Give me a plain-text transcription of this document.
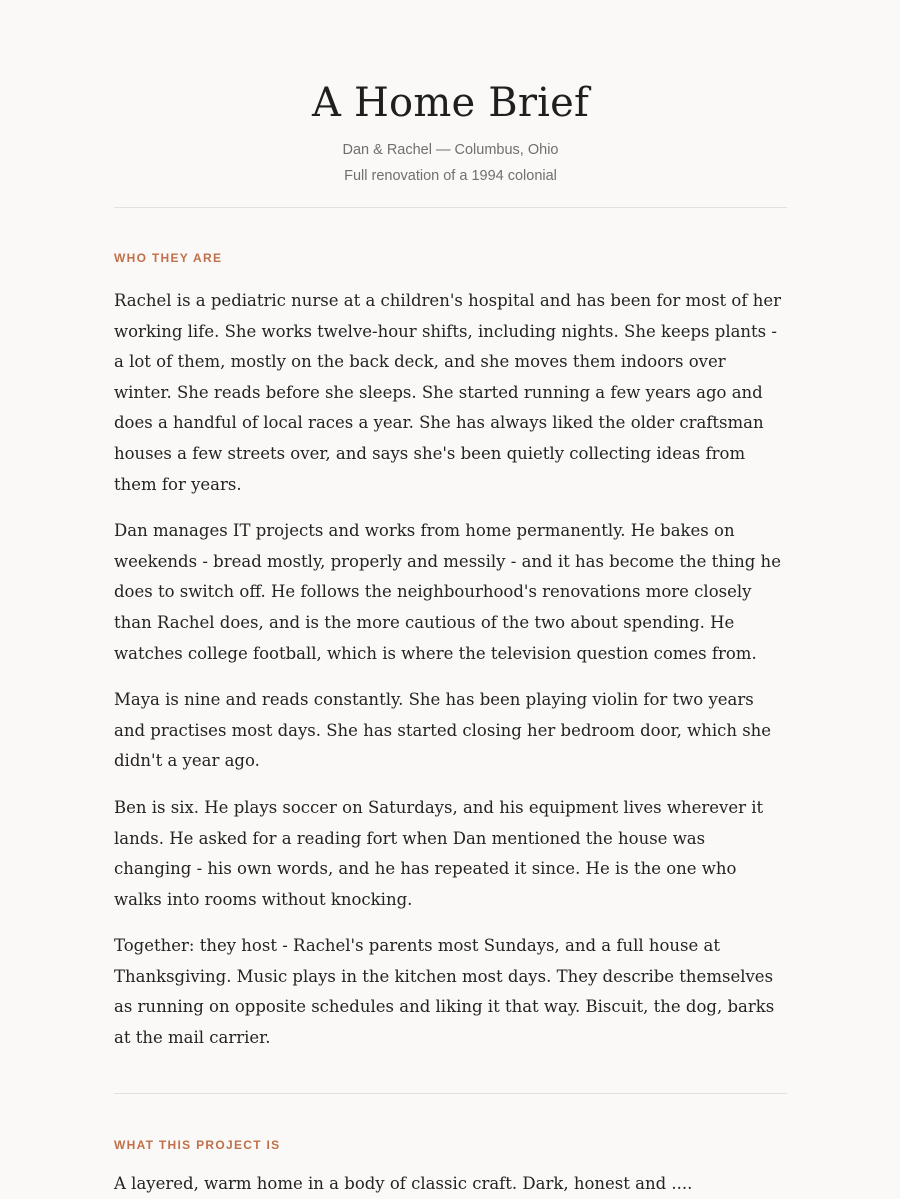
A Home Brief

Dan & Rachel — Columbus, Ohio

Full renovation of a 1994 colonial

WHO THEY ARE

Rachel is a pediatric nurse at a children's hospital and has been for most of her working life. She works twelve-hour shifts, including nights. She keeps plants - a lot of them, mostly on the back deck, and she moves them indoors over winter. She reads before she sleeps. She started running a few years ago and does a handful of local races a year. She has always liked the older craftsman houses a few streets over, and says she's been quietly collecting ideas from them for years.

Dan manages IT projects and works from home permanently. He bakes on weekends - bread mostly, properly and messily - and it has become the thing he does to switch off. He follows the neighbourhood's renovations more closely than Rachel does, and is the more cautious of the two about spending. He watches college football, which is where the television question comes from.

Maya is nine and reads constantly. She has been playing violin for two years and practises most days. She has started closing her bedroom door, which she didn't a year ago.

Ben is six. He plays soccer on Saturdays, and his equipment lives wherever it lands. He asked for a reading fort when Dan mentioned the house was changing - his own words, and he has repeated it since. He is the one who walks into rooms without knocking.

Together: they host - Rachel's parents most Sundays, and a full house at Thanksgiving. Music plays in the kitchen most days. They describe themselves as running on opposite schedules and liking it that way. Biscuit, the dog, barks at the mail carrier.

WHAT THIS PROJECT IS

A layered, warm home in a body of classic craft. Dark, honest and ....
